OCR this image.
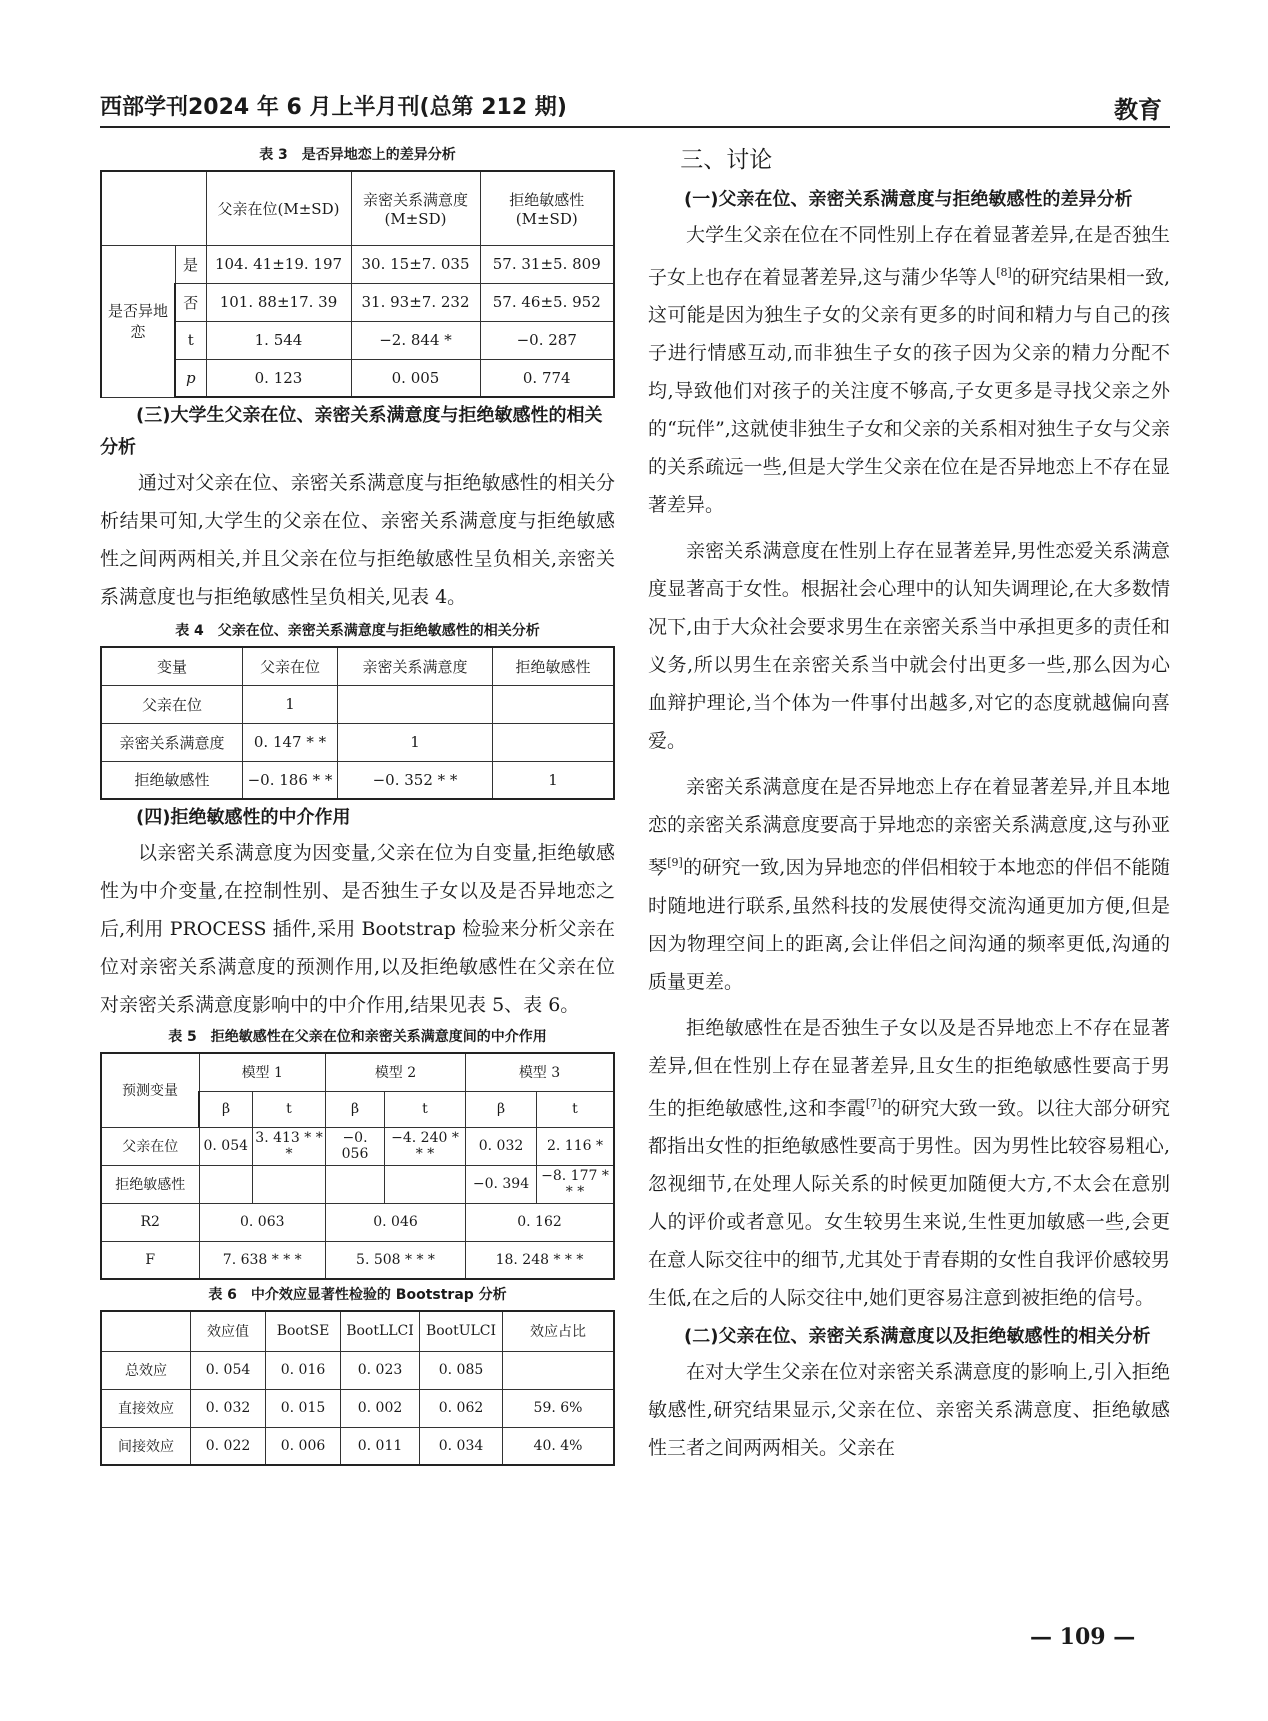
西部学刊2024 年 6 月上半月刊(总第 212 期)	教育
表 3　是否异地恋上的差异分析
		父亲在位(M±SD)	亲密关系满意度(M±SD)	拒绝敏感性(M±SD)
是否异地恋	是	104. 41±19. 197	30. 15±7. 035	57. 31±5. 809
	否	101. 88±17. 39	31. 93±7. 232	57. 46±5. 952
	t	1. 544	−2. 844 *	−0. 287
	p	0. 123	0. 005	0. 774

(三)大学生父亲在位、亲密关系满意度与拒绝敏感性的相关分析

通过对父亲在位、亲密关系满意度与拒绝敏感性的相关分析结果可知,大学生的父亲在位、亲密关系满意度与拒绝敏感性之间两两相关,并且父亲在位与拒绝敏感性呈负相关,亲密关系满意度也与拒绝敏感性呈负相关,见表 4。

表 4　父亲在位、亲密关系满意度与拒绝敏感性的相关分析
变量	父亲在位	亲密关系满意度	拒绝敏感性
父亲在位	1		
亲密关系满意度	0. 147 * *	1	
拒绝敏感性	−0. 186 * *	−0. 352 * *	1

(四)拒绝敏感性的中介作用

以亲密关系满意度为因变量,父亲在位为自变量,拒绝敏感性为中介变量,在控制性别、是否独生子女以及是否异地恋之后,利用 PROCESS 插件,采用 Bootstrap 检验来分析父亲在位对亲密关系满意度的预测作用,以及拒绝敏感性在父亲在位对亲密关系满意度影响中的中介作用,结果见表 5、表 6。

表 5　拒绝敏感性在父亲在位和亲密关系满意度间的中介作用
预测变量	模型 1		模型 2		模型 3	
	β	t	β	t	β	t
父亲在位	0. 054	3. 413 * * *	−0. 056	−4. 240 * * *	0. 032	2. 116 *
拒绝敏感性					−0. 394	−8. 177 * * *
R2	0. 063		0. 046		0. 162	
F	7. 638 * * *		5. 508 * * *		18. 248 * * *	
表 6　中介效应显著性检验的 Bootstrap 分析
	效应值	BootSE	BootLLCI	BootULCI	效应占比
总效应	0. 054	0. 016	0. 023	0. 085	
直接效应	0. 032	0. 015	0. 002	0. 062	59. 6%
间接效应	0. 022	0. 006	0. 011	0. 034	40. 4%

三、讨论

(一)父亲在位、亲密关系满意度与拒绝敏感性的差异分析

大学生父亲在位在不同性别上存在着显著差异,在是否独生子女上也存在着显著差异,这与蒲少华等人[8]的研究结果相一致,这可能是因为独生子女的父亲有更多的时间和精力与自己的孩子进行情感互动,而非独生子女的孩子因为父亲的精力分配不均,导致他们对孩子的关注度不够高,子女更多是寻找父亲之外的“玩伴”,这就使非独生子女和父亲的关系相对独生子女与父亲的关系疏远一些,但是大学生父亲在位在是否异地恋上不存在显著差异。

亲密关系满意度在性别上存在显著差异,男性恋爱关系满意度显著高于女性。根据社会心理中的认知失调理论,在大多数情况下,由于大众社会要求男生在亲密关系当中承担更多的责任和义务,所以男生在亲密关系当中就会付出更多一些,那么因为心血辩护理论,当个体为一件事付出越多,对它的态度就越偏向喜爱。

亲密关系满意度在是否异地恋上存在着显著差异,并且本地恋的亲密关系满意度要高于异地恋的亲密关系满意度,这与孙亚琴[9]的研究一致,因为异地恋的伴侣相较于本地恋的伴侣不能随时随地进行联系,虽然科技的发展使得交流沟通更加方便,但是因为物理空间上的距离,会让伴侣之间沟通的频率更低,沟通的质量更差。

拒绝敏感性在是否独生子女以及是否异地恋上不存在显著差异,但在性别上存在显著差异,且女生的拒绝敏感性要高于男生的拒绝敏感性,这和李霞[7]的研究大致一致。以往大部分研究都指出女性的拒绝敏感性要高于男性。因为男性比较容易粗心,忽视细节,在处理人际关系的时候更加随便大方,不太会在意别人的评价或者意见。女生较男生来说,生性更加敏感一些,会更在意人际交往中的细节,尤其处于青春期的女性自我评价感较男生低,在之后的人际交往中,她们更容易注意到被拒绝的信号。

(二)父亲在位、亲密关系满意度以及拒绝敏感性的相关分析

在对大学生父亲在位对亲密关系满意度的影响上,引入拒绝敏感性,研究结果显示,父亲在位、亲密关系满意度、拒绝敏感性三者之间两两相关。父亲在

— 109 —
